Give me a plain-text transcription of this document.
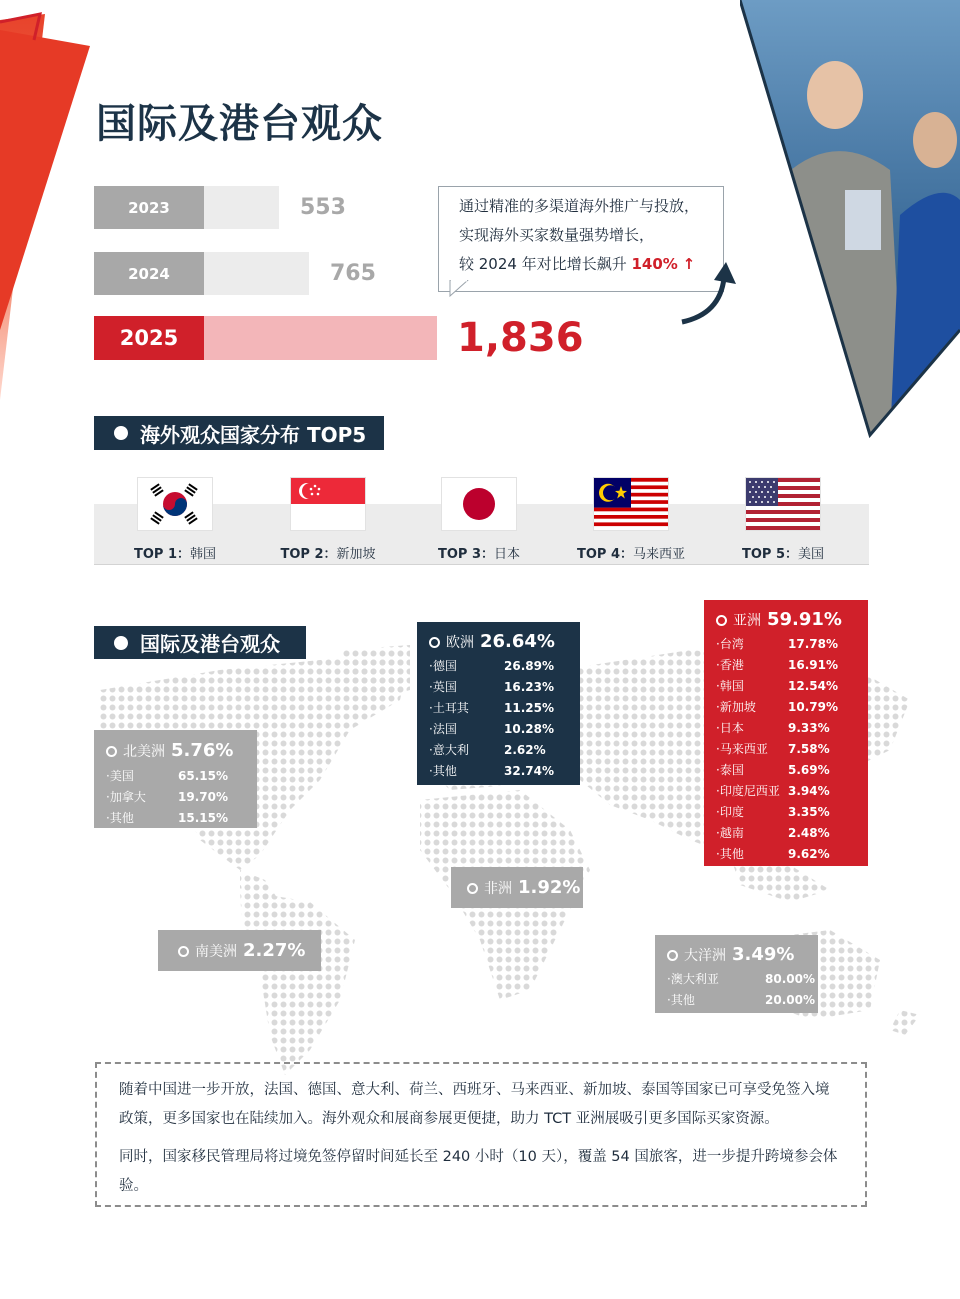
国际及港台观众
2023	553
2024	765
2025	1,836

通过精准的多渠道海外推广与投放，

实现海外买家数量强势增长，

较 2024 年对比增长飙升 140% ↑

海外观众国家分布 TOP5
TOP 1：韩国	TOP 2：新加坡	TOP 3：日本	TOP 4：马来西亚	TOP 5：美国
国际及港台观众
北美洲 5.76%
·美国	65.15%
·加拿大	19.70%
·其他	15.15%
欧洲 26.64%
·德国	26.89%
·英国	16.23%
·土耳其	11.25%
·法国	10.28%
·意大利	2.62%
·其他	32.74%
亚洲 59.91%
·台湾	17.78%
·香港	16.91%
·韩国	12.54%
·新加坡	10.79%
·日本	9.33%
·马来西亚	7.58%
·泰国	5.69%
·印度尼西亚	3.94%
·印度	3.35%
·越南	2.48%
·其他	9.62%
非洲 1.92%
南美洲 2.27%	大洋洲 3.49%
·澳大利亚	80.00%
·其他	20.00%

随着中国进一步开放，法国、德国、意大利、荷兰、西班牙、马来西亚、新加坡、泰国等国家已可享受免签入境政策，更多国家也在陆续加入。海外观众和展商参展更便捷，助力 TCT 亚洲展吸引更多国际买家资源。

同时，国家移民管理局将过境免签停留时间延长至 240 小时（10 天），覆盖 54 国旅客，进一步提升跨境参会体验。
